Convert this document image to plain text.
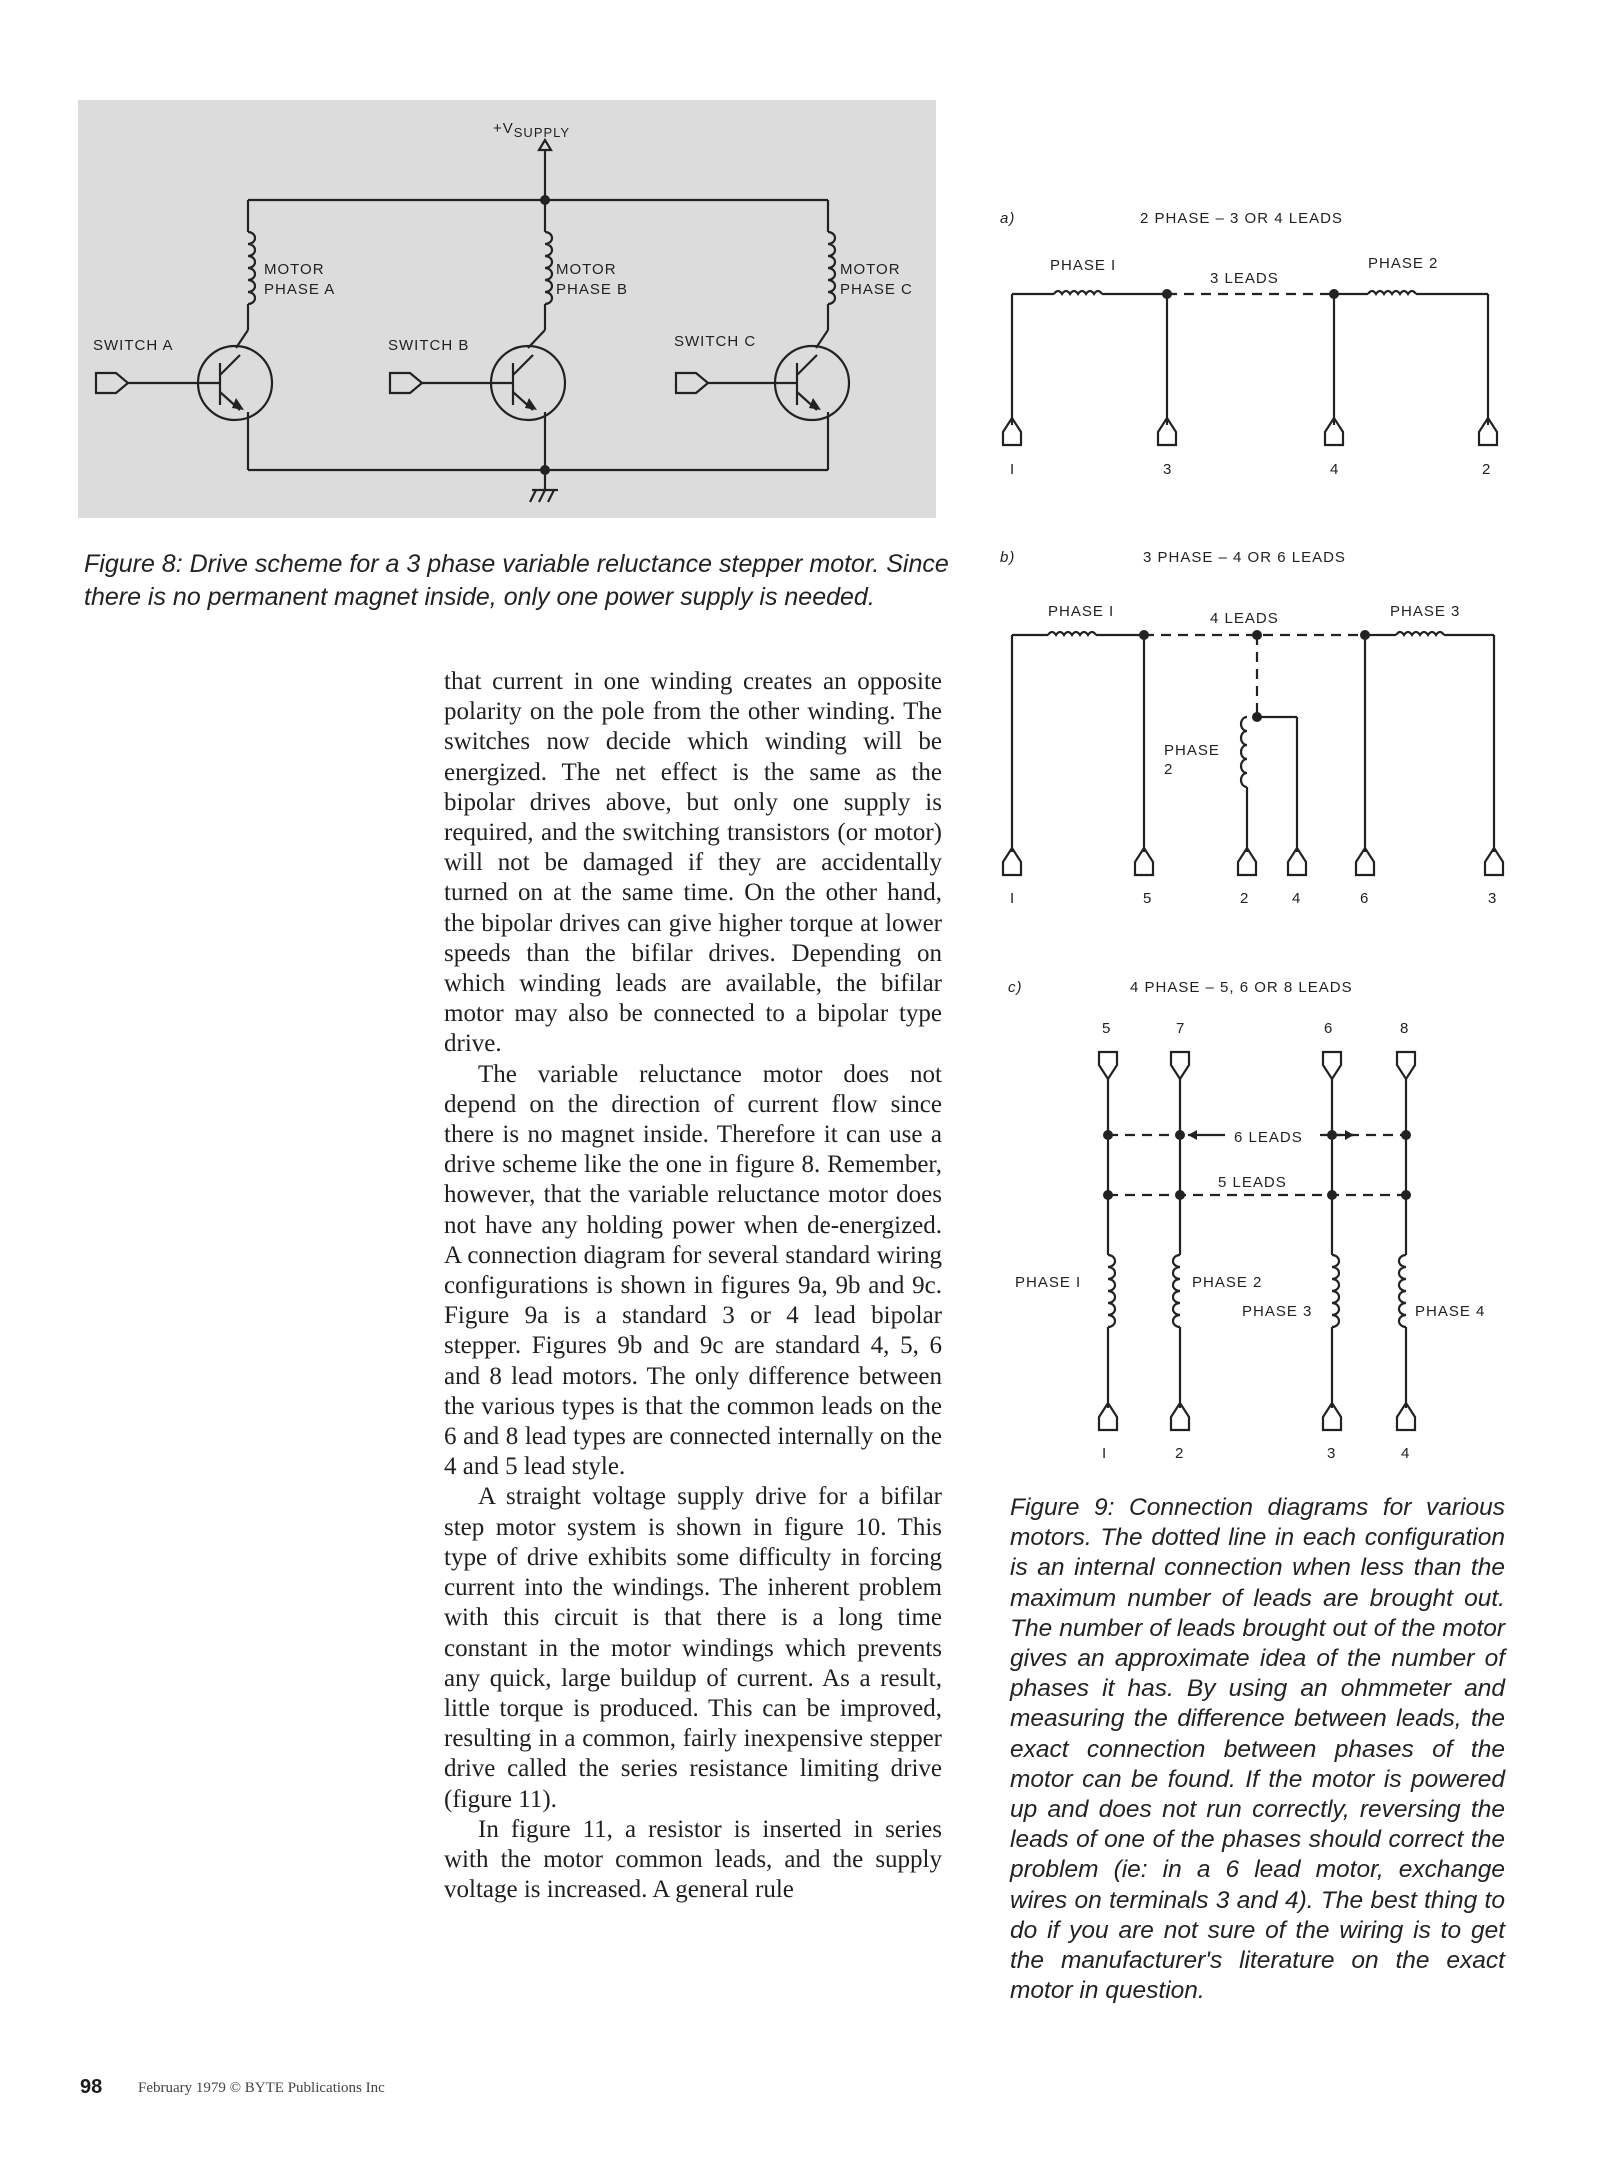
+VSUPPLY
MOTOR
PHASE A
MOTOR
PHASE B
MOTOR
PHASE C
SWITCH A	SWITCH B	SWITCH C
Figure 8: Drive scheme for a 3 phase variable reluctance stepper motor. Since there is no permanent magnet inside, only one power supply is needed.
a)	2 PHASE – 3 OR 4 LEADS
PHASE I	PHASE 2
3 LEADS
I	3	4	2
b)	3 PHASE – 4 OR 6 LEADS
PHASE I	PHASE 3
4 LEADS
PHASE
2
I	5	2	4	6	3
c)	4 PHASE – 5, 6 OR 8 LEADS
5	7	6	8
6 LEADS
5 LEADS
PHASE I	PHASE 2
PHASE 3	PHASE 4
I	2	3	4
Figure 9: Connection diagrams for various motors. The dotted line in each configuration is an internal connection when less than the maximum number of leads are brought out. The number of leads brought out of the motor gives an approximate idea of the number of phases it has. By using an ohmmeter and measuring the difference between leads, the exact connection between phases of the motor can be found. If the motor is powered up and does not run correctly, reversing the leads of one of the phases should correct the problem (ie: in a 6 lead motor, exchange wires on terminals 3 and 4). The best thing to do if you are not sure of the wiring is to get the manufacturer's literature on the exact motor in question.

that current in one winding creates an opposite polarity on the pole from the other winding. The switches now decide which winding will be energized. The net effect is the same as the bipolar drives above, but only one supply is required, and the switching transistors (or motor) will not be damaged if they are accidentally turned on at the same time. On the other hand, the bipolar drives can give higher torque at lower speeds than the bifilar drives. Depending on which winding leads are available, the bifilar motor may also be connected to a bipolar type drive.

The variable reluctance motor does not depend on the direction of current flow since there is no magnet inside. Therefore it can use a drive scheme like the one in figure 8. Remember, however, that the variable reluctance motor does not have any holding power when de-energized. A connection diagram for several standard wiring configurations is shown in figures 9a, 9b and 9c. Figure 9a is a standard 3 or 4 lead bipolar stepper. Figures 9b and 9c are standard 4, 5, 6 and 8 lead motors. The only difference between the various types is that the common leads on the 6 and 8 lead types are connected internally on the 4 and 5 lead style.

A straight voltage supply drive for a bifilar step motor system is shown in figure 10. This type of drive exhibits some difficulty in forcing current into the windings. The inherent problem with this circuit is that there is a long time constant in the motor windings which prevents any quick, large buildup of current. As a result, little torque is produced. This can be improved, resulting in a common, fairly inexpensive stepper drive called the series resistance limiting drive (figure 11).

In figure 11, a resistor is inserted in series with the motor common leads, and the supply voltage is increased. A general rule

98 February 1979 © BYTE Publications Inc
